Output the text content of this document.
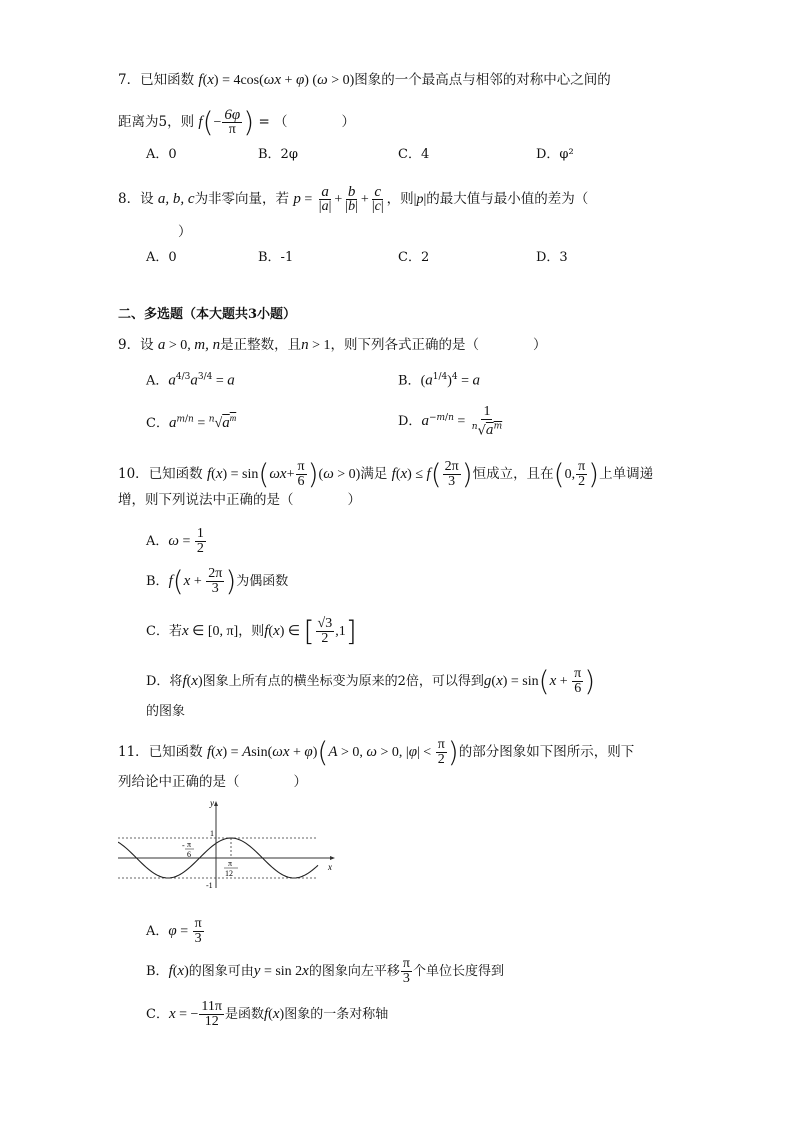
7．已知函数 f(x) = 4cos(ωx + φ) (ω > 0)图象的一个最高点与相邻的对称中心之间的
距离为5，则 $f(- \frac{6\varphi}{\pi}$ ) = （　　　　）
A．0	B．2φ	C．4	D．φ²
8．设 a, b, c为非零向量，若 $p = \frac{a}{|a|} + \frac{b}{|b|} + \frac{c}{|c|}$ ，则|p|的最大值与最小值的差为（
）
A．0	B．-1	C．2	D．3
二、多选题（本大题共3小题）
9．设 a > 0, m, n是正整数，且n > 1，则下列各式正确的是（　　　　）
A．$a^{4/3}a^{3/4} = a$	B．$(a^{1/4})^4 = a$
C．$a^{m/n} = ^n√a^m$	D．$a^{-m/n} = \frac{1}{^n√a^m}$
10．已知函数 $f(x) = \sin(\omega x+ \frac{\pi}{6} )(\omega > 0)$满足 $f(x) \le f( \frac{2\pi}{3}$ )恒成立，且在(0, $\frac{\pi}{2}$ )上单调递
增，则下列说法中正确的是（　　　　）
A．$\omega = \frac{1}{2}$
B．$f(x + \frac{2\pi}{3}$ )为偶函数
C．若x ∈ [0, π]，则f(x) ∈ [ $\frac{√3}{2} ,1$]
D．将f(x)图象上所有点的横坐标变为原来的2倍，可以得到$g(x) = \sin(x + \frac{\pi}{6}$ )
的图象
11．已知函数 f(x) = Asin(ωx + φ)(A > 0, ω > 0, $|\varphi| < \frac{\pi}{2}$ )的部分图象如下图所示，则下
列给论中正确的是（　　　　）
y
x
1
-1
- π
6
π
12
A．$\varphi = \frac{\pi}{3}$
B．f(x)的图象可由y = sin 2x的图象向左平移 $\frac{\pi}{3}$ 个单位长度得到
C．x = − $\frac{11\pi}{12}$ 是函数f(x)图象的一条对称轴
